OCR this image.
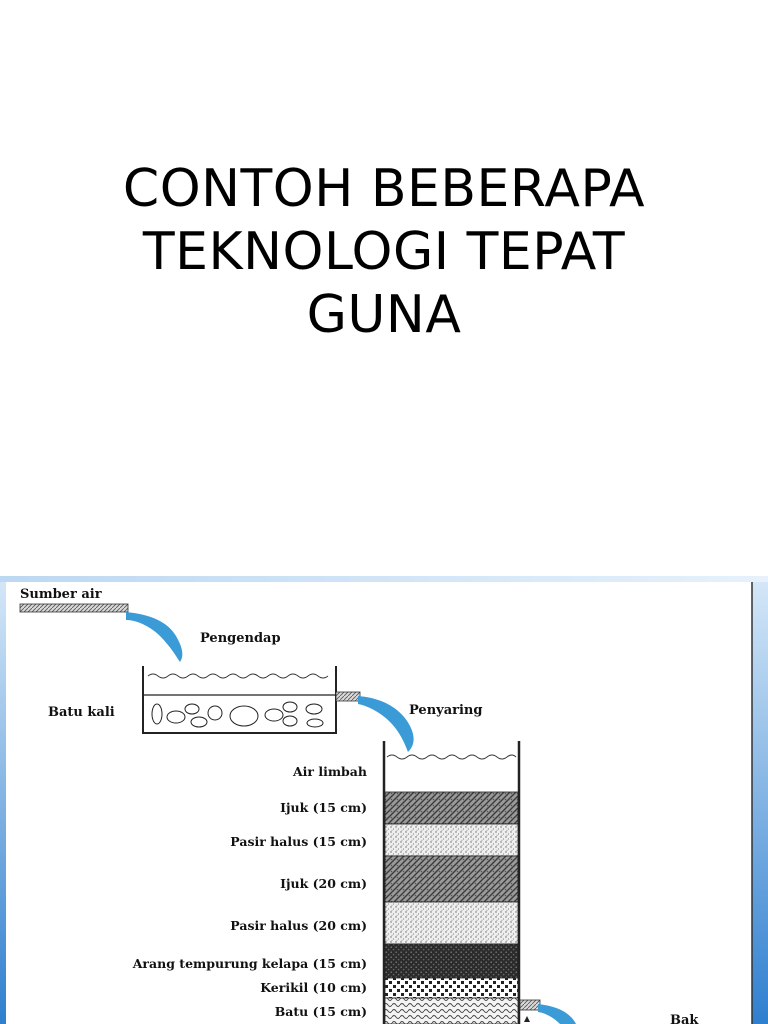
CONTOH BEBERAPA
TEKNOLOGI TEPAT
GUNA
Sumber air
Pengendap
Batu kali	Penyaring
Air limbah
Ijuk (15 cm)
Pasir halus (15 cm)
Ijuk (20 cm)
Pasir halus (20 cm)
Arang tempurung kelapa (15 cm)
Kerikil (10 cm)
Batu (15 cm)
Bak
